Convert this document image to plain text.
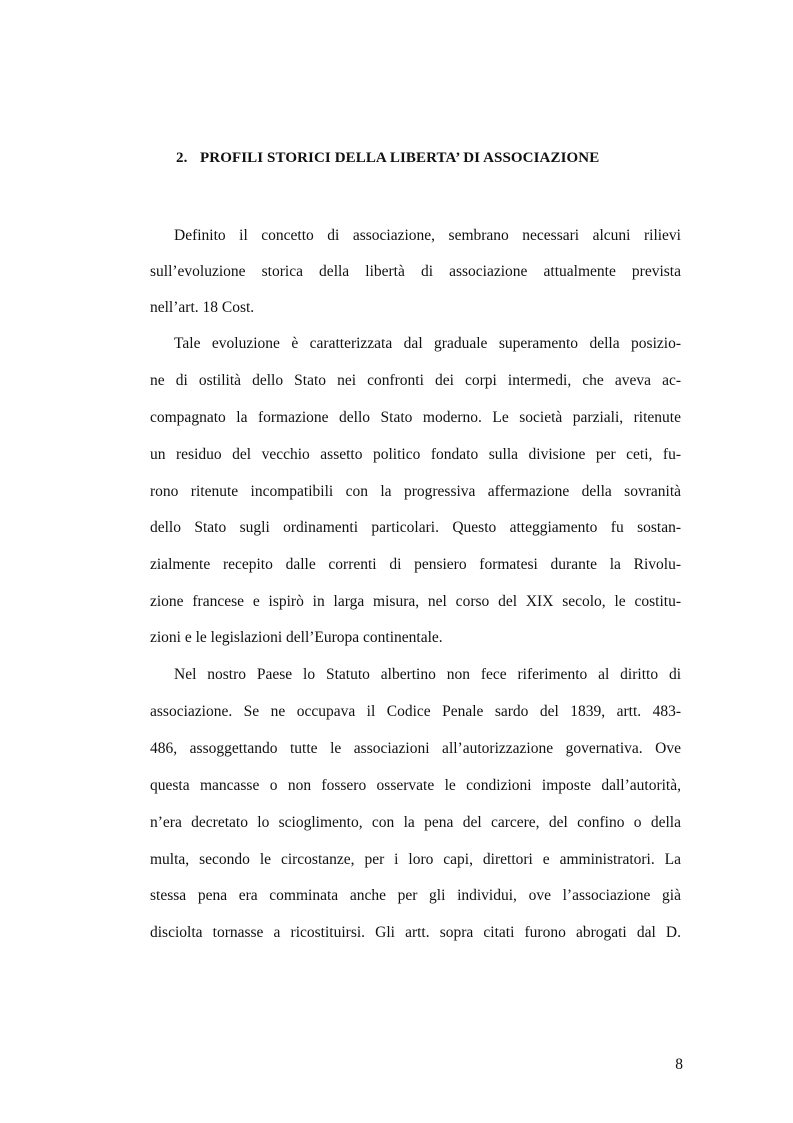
2. PROFILI STORICI DELLA LIBERTA’ DI ASSOCIAZIONE
Definito il concetto di associazione, sembrano necessari alcuni rilievi
sull’evoluzione storica della libertà di associazione attualmente prevista
nell’art. 18 Cost.
Tale evoluzione è caratterizzata dal graduale superamento della posizio-
ne di ostilità dello Stato nei confronti dei corpi intermedi, che aveva ac-
compagnato la formazione dello Stato moderno. Le società parziali, ritenute
un residuo del vecchio assetto politico fondato sulla divisione per ceti, fu-
rono ritenute incompatibili con la progressiva affermazione della sovranità
dello Stato sugli ordinamenti particolari. Questo atteggiamento fu sostan-
zialmente recepito dalle correnti di pensiero formatesi durante la Rivolu-
zione francese e ispirò in larga misura, nel corso del XIX secolo, le costitu-
zioni e le legislazioni dell’Europa continentale.
Nel nostro Paese lo Statuto albertino non fece riferimento al diritto di
associazione. Se ne occupava il Codice Penale sardo del 1839, artt. 483-
486, assoggettando tutte le associazioni all’autorizzazione governativa. Ove
questa mancasse o non fossero osservate le condizioni imposte dall’autorità,
n’era decretato lo scioglimento, con la pena del carcere, del confino o della
multa, secondo le circostanze, per i loro capi, direttori e amministratori. La
stessa pena era comminata anche per gli individui, ove l’associazione già
disciolta tornasse a ricostituirsi. Gli artt. sopra citati furono abrogati dal D.
8
